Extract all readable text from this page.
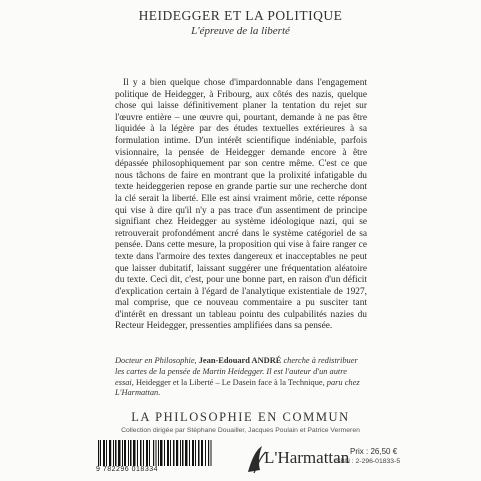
HEIDEGGER ET LA POLITIQUE
L'épreuve de la liberté
Il y a bien quelque chose d'impardonnable dans l'engagement politique de Heidegger, à Fribourg, aux côtés des nazis, quelque chose qui laisse définitivement planer la tentation du rejet sur l'œuvre entière – une œuvre qui, pourtant, demande à ne pas être liquidée à la légère par des études textuelles extérieures à sa formulation intime. D'un intérêt scientifique indéniable, parfois visionnaire, la pensée de Heidegger demande encore à être dépassée philosophiquement par son centre même. C'est ce que nous tâchons de faire en montrant que la prolixité infatigable du texte heideggerien repose en grande partie sur une recherche dont la clé serait la liberté. Elle est ainsi vraiment môrie, cette réponse qui vise à dire qu'il n'y a pas trace d'un assentiment de principe signifiant chez Heidegger au système idéologique nazi, qui se retrouverait profondément ancré dans le système catégoriel de sa pensée. Dans cette mesure, la proposition qui vise à faire ranger ce texte dans l'armoire des textes dangereux et inacceptables ne peut que laisser dubitatif, laissant suggérer une fréquentation aléatoire du texte. Ceci dit, c'est, pour une bonne part, en raison d'un déficit d'explication certain à l'égard de l'analytique existentiale de 1927, mal comprise, que ce nouveau commentaire a pu susciter tant d'intérêt en dressant un tableau pointu des culpabilités nazies du Recteur Heidegger, pressenties amplifiées dans sa pensée.
Docteur en Philosophie, Jean-Edouard ANDRÉ cherche à redistribuer les cartes de la pensée de Martin Heidegger. Il est l'auteur d'un autre essai, Heidegger et la Liberté – Le Dasein face à la Technique, paru chez L'Harmattan.
LA PHILOSOPHIE EN COMMUN
Collection dirigée par Stéphane Douailler, Jacques Poulain et Patrice Vermeren
9 782296 018334
L'Harmattan Prix : 26,50 €
ISBN : 2-296-01833-5
